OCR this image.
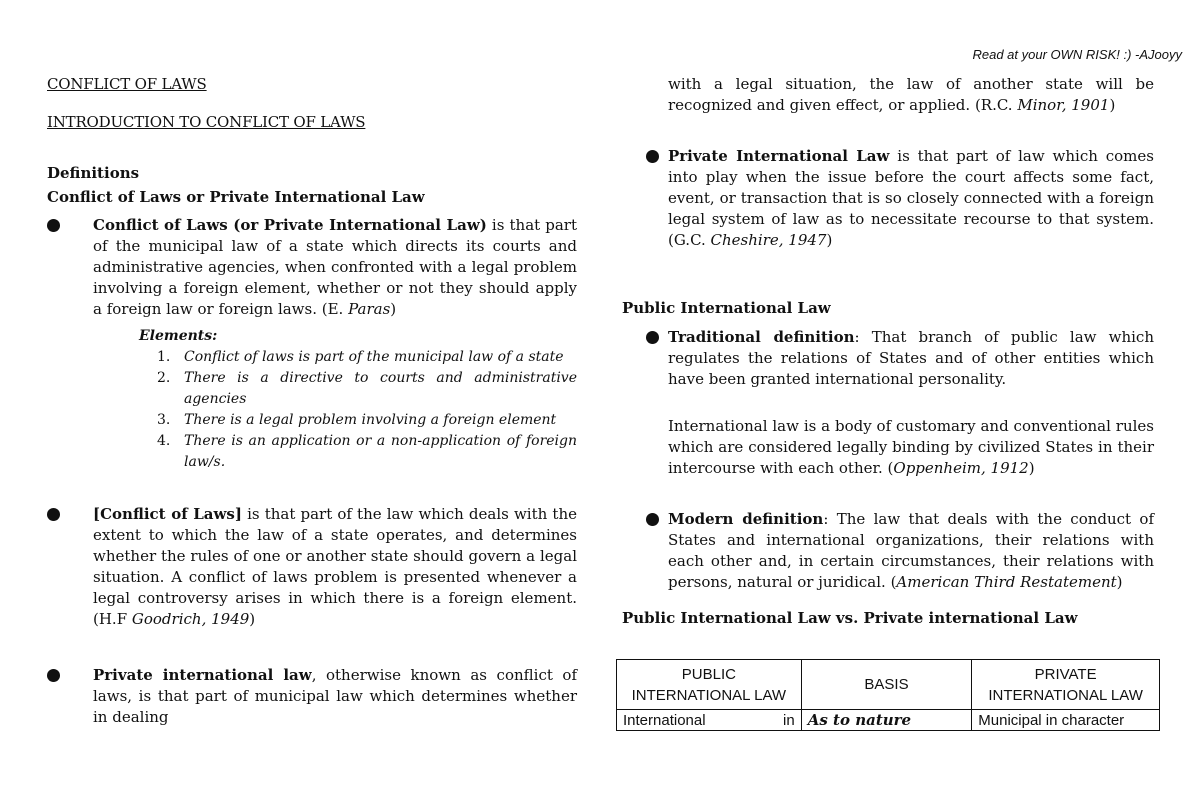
Read at your OWN RISK! :) -AJooyy
CONFLICT OF LAWS
INTRODUCTION TO CONFLICT OF LAWS
Definitions
Conflict of Laws or Private International Law

Conflict of Laws (or Private International Law) is that part of the municipal law of a state which directs its courts and administrative agencies, when confronted with a legal problem involving a foreign element, whether or not they should apply a foreign law or foreign laws. (E. Paras)

Elements:
1. Conflict of laws is part of the municipal law of a state
2. There is a directive to courts and administrative agencies
3. There is a legal problem involving a foreign element
4. There is an application or a non-application of foreign law/s.

[Conflict of Laws] is that part of the law which deals with the extent to which the law of a state operates, and determines whether the rules of one or another state should govern a legal situation. A conflict of laws problem is presented whenever a legal controversy arises in which there is a foreign element. (H.F Goodrich, 1949)

Private international law, otherwise known as conflict of laws, is that part of municipal law which determines whether in dealing

with a legal situation, the law of another state will be recognized and given effect, or applied. (R.C. Minor, 1901)

Private International Law is that part of law which comes into play when the issue before the court affects some fact, event, or transaction that is so closely connected with a foreign legal system of law as to necessitate recourse to that system. (G.C. Cheshire, 1947)

Public International Law

Traditional definition: That branch of public law which regulates the relations of States and of other entities which have been granted international personality.

International law is a body of customary and conventional rules which are considered legally binding by civilized States in their intercourse with each other. (Oppenheim, 1912)

Modern definition: The law that deals with the conduct of States and international organizations, their relations with each other and, in certain circumstances, their relations with persons, natural or juridical. (American Third Restatement)

Public International Law vs. Private international Law
PUBLIC INTERNATIONAL LAW	BASIS	PRIVATE INTERNATIONAL LAW
International in	As to nature	Municipal in character
